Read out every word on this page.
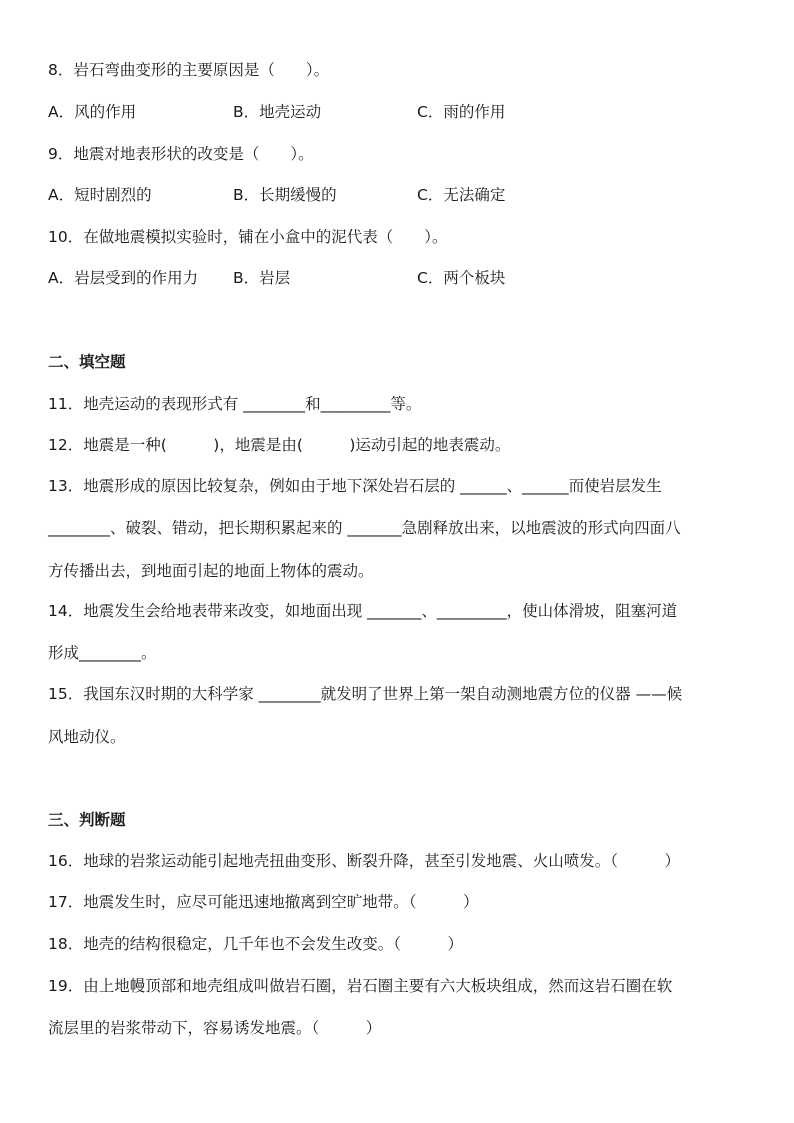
8．岩石弯曲变形的主要原因是（　　）。
A．风的作用	B．地壳运动	C．雨的作用
9．地震对地表形状的改变是（　　）。
A．短时剧烈的	B．长期缓慢的	C．无法确定
10．在做地震模拟实验时，铺在小盒中的泥代表（　　）。
A．岩层受到的作用力 B．岩层	C．两个板块
二、填空题
11．地壳运动的表现形式有 ________和_________等。
12．地震是一种(　　　)，地震是由(　　　)运动引起的地表震动。
13．地震形成的原因比较复杂，例如由于地下深处岩石层的 ______、______而使岩层发生
________、破裂、错动，把长期积累起来的 _______急剧释放出来，以地震波的形式向四面八
方传播出去，到地面引起的地面上物体的震动。
14．地震发生会给地表带来改变，如地面出现 _______、_________，使山体滑坡，阻塞河道
形成________。
15．我国东汉时期的大科学家 ________就发明了世界上第一架自动测地震方位的仪器 ——候
风地动仪。
三、判断题
16．地球的岩浆运动能引起地壳扭曲变形、断裂升降，甚至引发地震、火山喷发。（　　　）
17．地震发生时，应尽可能迅速地撤离到空旷地带。（　　　）
18．地壳的结构很稳定，几千年也不会发生改变。（　　　）
19．由上地幔顶部和地壳组成叫做岩石圈，岩石圈主要有六大板块组成，然而这岩石圈在软
流层里的岩浆带动下，容易诱发地震。（　　　）
